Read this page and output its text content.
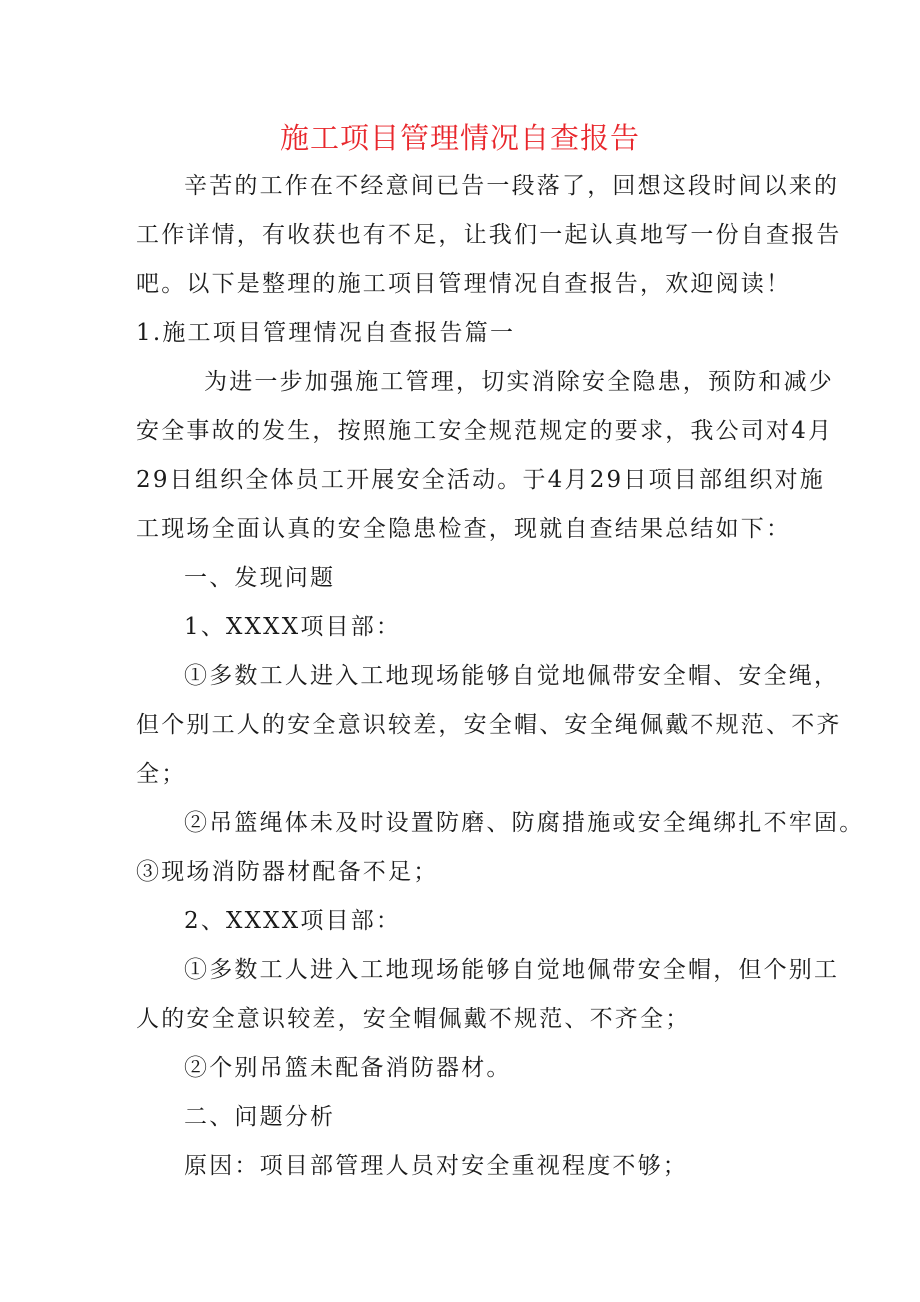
施工项目管理情况自查报告
辛苦的工作在不经意间已告一段落了，回想这段时间以来的
工作详情，有收获也有不足，让我们一起认真地写一份自查报告
吧。以下是整理的施工项目管理情况自查报告，欢迎阅读！
1.施工项目管理情况自查报告篇一
为进一步加强施工管理，切实消除安全隐患，预防和减少
安全事故的发生，按照施工安全规范规定的要求，我公司对4月
29日组织全体员工开展安全活动。于4月29日项目部组织对施
工现场全面认真的安全隐患检查，现就自查结果总结如下：
一、发现问题
1、XXXX项目部：
①多数工人进入工地现场能够自觉地佩带安全帽、安全绳，
但个别工人的安全意识较差，安全帽、安全绳佩戴不规范、不齐
全；
②吊篮绳体未及时设置防磨、防腐措施或安全绳绑扎不牢固。
③现场消防器材配备不足；
2、XXXX项目部：
①多数工人进入工地现场能够自觉地佩带安全帽，但个别工
人的安全意识较差，安全帽佩戴不规范、不齐全；
②个别吊篮未配备消防器材。
二、问题分析
原因：项目部管理人员对安全重视程度不够；
